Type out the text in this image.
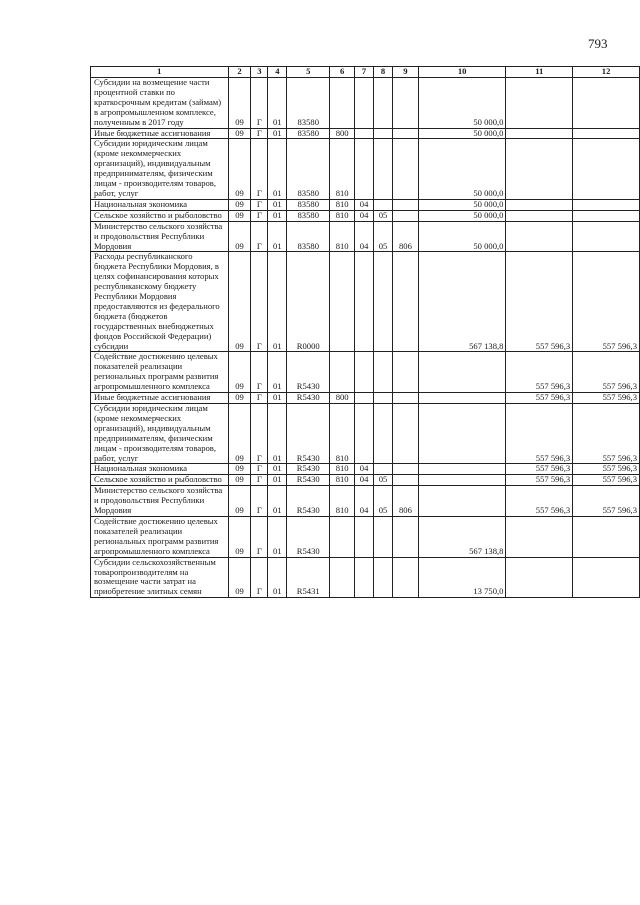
793
1	2	3	4	5	6	7	8	9	10	11	12
Субсидии на возмещение части процентной ставки по краткосрочным кредитам (займам) в агропромышленном комплексе, полученным в 2017 году	09	Г	01	83580					50 000,0		
Иные бюджетные ассигнования	09	Г	01	83580	800				50 000,0		
Субсидии юридическим лицам (кроме некоммерческих организаций), индивидуальным предпринимателям, физическим лицам - производителям товаров, работ, услуг	09	Г	01	83580	810				50 000,0		
Национальная экономика	09	Г	01	83580	810	04			50 000,0		
Сельское хозяйство и рыболовство	09	Г	01	83580	810	04	05		50 000,0		
Министерство сельского хозяйства и продовольствия Республики Мордовия	09	Г	01	83580	810	04	05	806	50 000,0		
Расходы республиканского бюджета Республики Мордовия, в целях софинансирования которых республиканскому бюджету Республики Мордовия предоставляются из федерального бюджета (бюджетов государственных внебюджетных фондов Российской Федерации) субсидии	09	Г	01	R0000					567 138,8	557 596,3	557 596,3
Содействие достижению целевых показателей реализации региональных программ развития агропромышленного комплекса	09	Г	01	R5430						557 596,3	557 596,3
Иные бюджетные ассигнования	09	Г	01	R5430	800					557 596,3	557 596,3
Субсидии юридическим лицам (кроме некоммерческих организаций), индивидуальным предпринимателям, физическим лицам - производителям товаров, работ, услуг	09	Г	01	R5430	810					557 596,3	557 596,3
Национальная экономика	09	Г	01	R5430	810	04				557 596,3	557 596,3
Сельское хозяйство и рыболовство	09	Г	01	R5430	810	04	05			557 596,3	557 596,3
Министерство сельского хозяйства и продовольствия Республики Мордовия	09	Г	01	R5430	810	04	05	806		557 596,3	557 596,3
Содействие достижению целевых показателей реализации региональных программ развития агропромышленного комплекса	09	Г	01	R5430					567 138,8		
Субсидии сельскохозяйственным товаропроизводителям на возмещение части затрат на приобретение элитных семян	09	Г	01	R5431					13 750,0		
